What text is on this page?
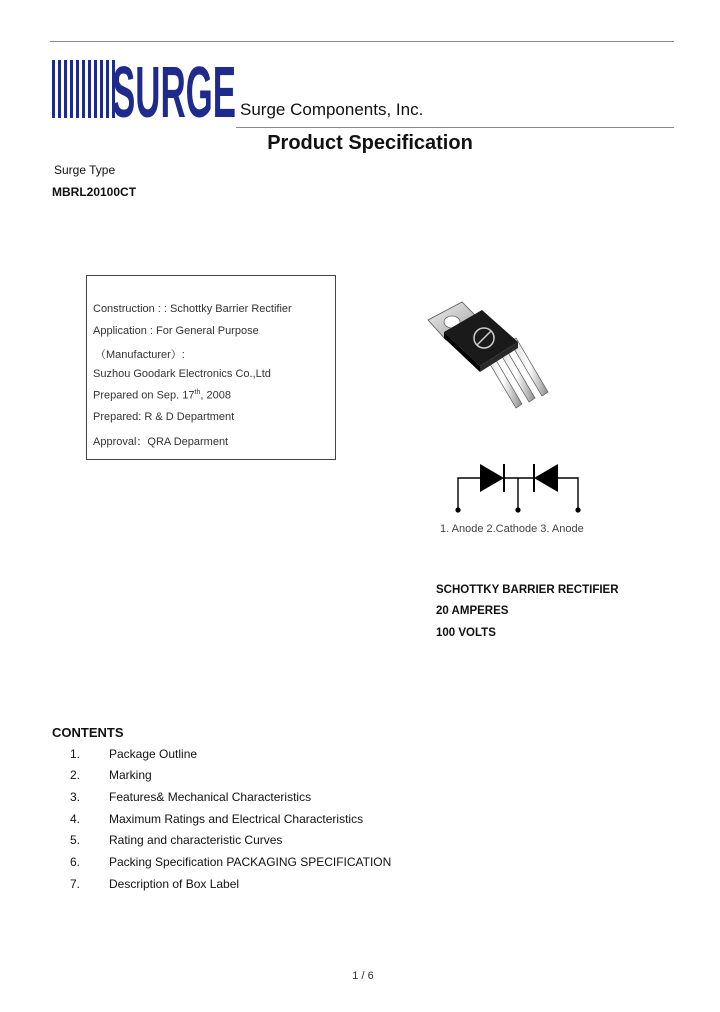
SURGE Surge Components, Inc.
Product Specification
Surge Type
MBRL20100CT
Construction : : Schottky Barrier Rectifier
Application : For General Purpose
（Manufacturer）:
Suzhou Goodark Electronics Co.,Ltd
Prepared on Sep. 17th, 2008
Prepared: R & D Department
Approval：QRA Deparment
1. Anode 2.Cathode 3. Anode
SCHOTTKY BARRIER RECTIFIER
20 AMPERES
100 VOLTS
CONTENTS
1. Package Outline
2. Marking
3. Features& Mechanical Characteristics
4. Maximum Ratings and Electrical Characteristics
5. Rating and characteristic Curves
6. Packing Specification PACKAGING SPECIFICATION
7. Description of Box Label
1 / 6
